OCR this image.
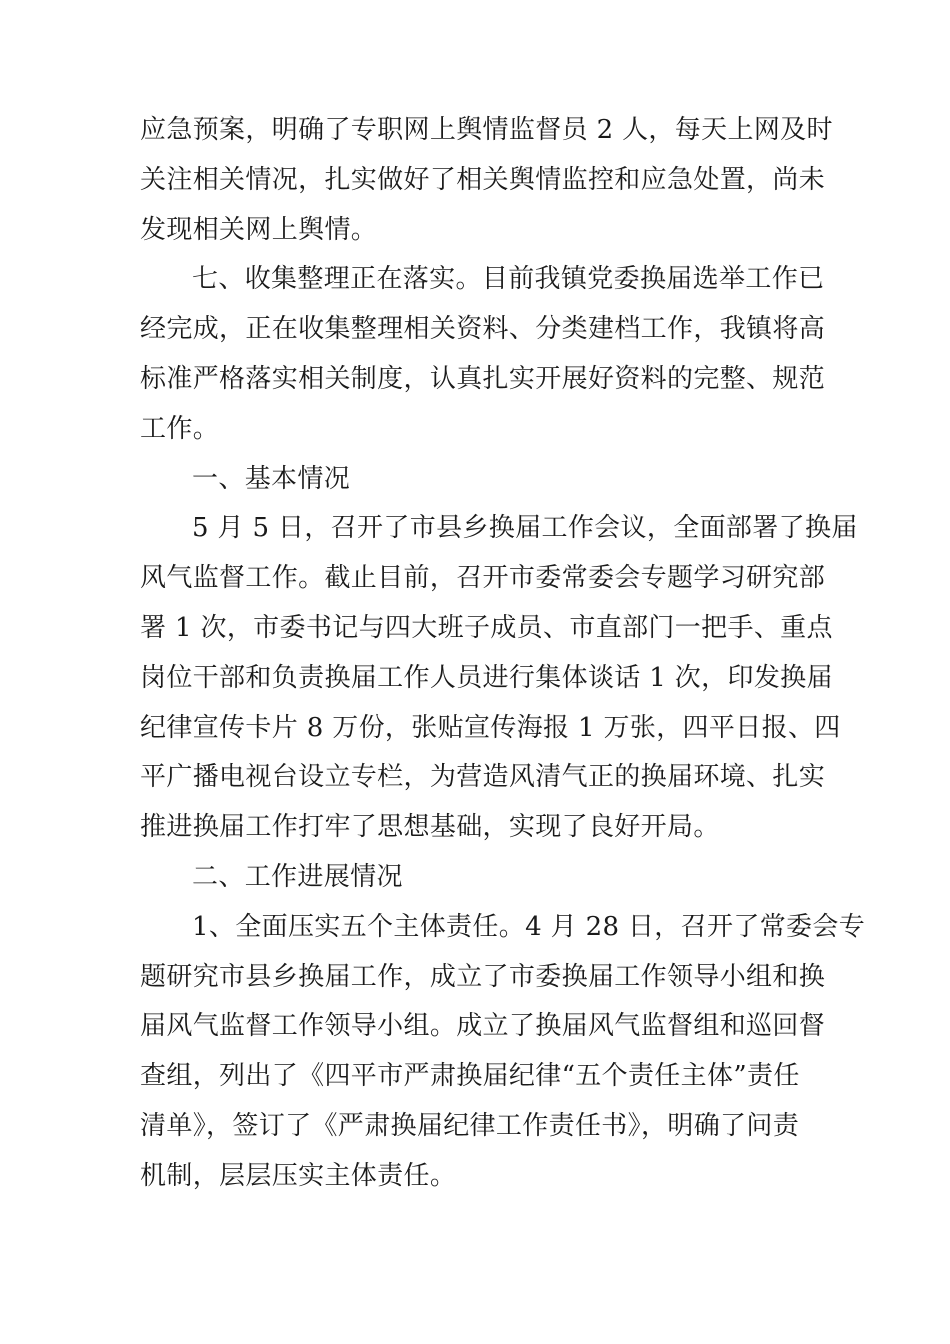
应急预案，明确了专职网上舆情监督员 2 人，每天上网及时
关注相关情况，扎实做好了相关舆情监控和应急处置，尚未
发现相关网上舆情。
七、收集整理正在落实。目前我镇党委换届选举工作已
经完成，正在收集整理相关资料、分类建档工作，我镇将高
标准严格落实相关制度，认真扎实开展好资料的完整、规范
工作。
一、基本情况
5 月 5 日，召开了市县乡换届工作会议，全面部署了换届
风气监督工作。截止目前，召开市委常委会专题学习研究部
署 1 次，市委书记与四大班子成员、市直部门一把手、重点
岗位干部和负责换届工作人员进行集体谈话 1 次，印发换届
纪律宣传卡片 8 万份，张贴宣传海报 1 万张，四平日报、四
平广播电视台设立专栏，为营造风清气正的换届环境、扎实
推进换届工作打牢了思想基础，实现了良好开局。
二、工作进展情况
1、全面压实五个主体责任。4 月 28 日，召开了常委会专
题研究市县乡换届工作，成立了市委换届工作领导小组和换
届风气监督工作领导小组。成立了换届风气监督组和巡回督
查组，列出了《四平市严肃换届纪律“五个责任主体”责任
清单》，签订了《严肃换届纪律工作责任书》，明确了问责
机制，层层压实主体责任。
